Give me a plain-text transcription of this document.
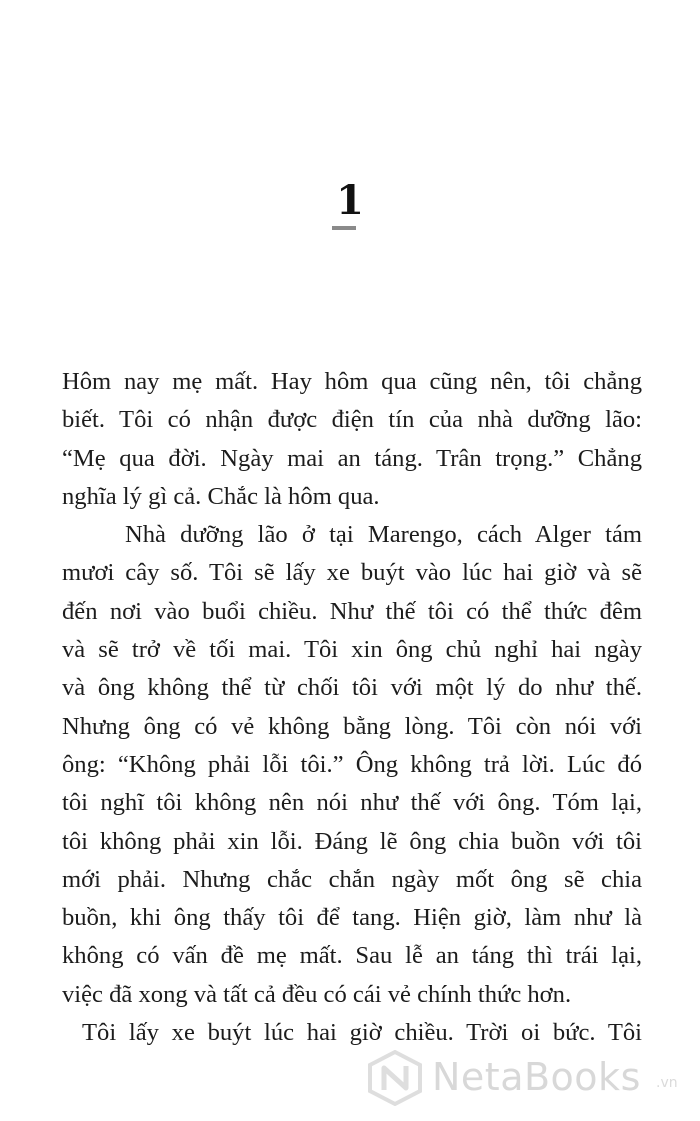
1

Hôm nay mẹ mất. Hay hôm qua cũng nên, tôi chẳng

biết. Tôi có nhận được điện tín của nhà dưỡng lão:

“Mẹ qua đời. Ngày mai an táng. Trân trọng.” Chẳng

nghĩa lý gì cả. Chắc là hôm qua.

Nhà dưỡng lão ở tại Marengo, cách Alger tám

mươi cây số. Tôi sẽ lấy xe buýt vào lúc hai giờ và sẽ

đến nơi vào buổi chiều. Như thế tôi có thể thức đêm

và sẽ trở về tối mai. Tôi xin ông chủ nghỉ hai ngày

và ông không thể từ chối tôi với một lý do như thế.

Nhưng ông có vẻ không bằng lòng. Tôi còn nói với

ông: “Không phải lỗi tôi.” Ông không trả lời. Lúc đó

tôi nghĩ tôi không nên nói như thế với ông. Tóm lại,

tôi không phải xin lỗi. Đáng lẽ ông chia buồn với tôi

mới phải. Nhưng chắc chắn ngày mốt ông sẽ chia

buồn, khi ông thấy tôi để tang. Hiện giờ, làm như là

không có vấn đề mẹ mất. Sau lễ an táng thì trái lại,

việc đã xong và tất cả đều có cái vẻ chính thức hơn.

Tôi lấy xe buýt lúc hai giờ chiều. Trời oi bức. Tôi

NetaBooks .vn
